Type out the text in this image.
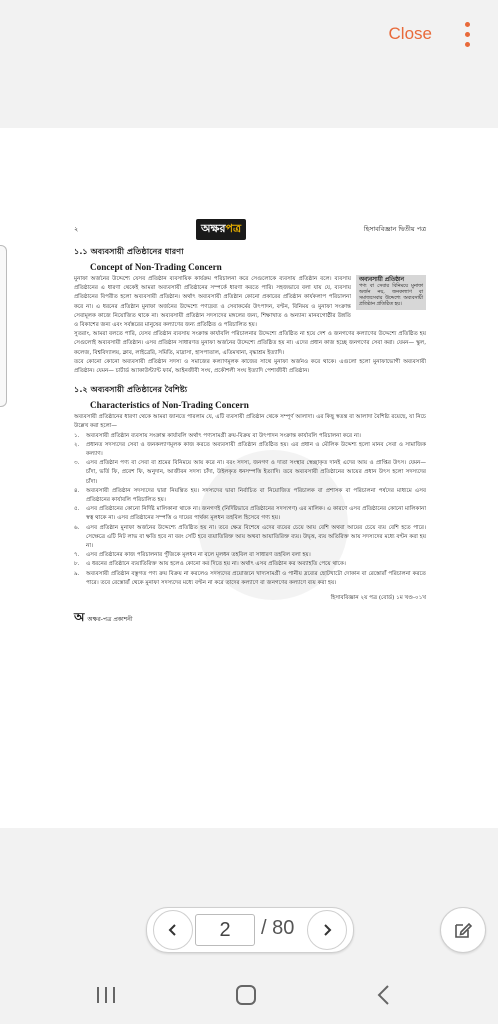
Close
২	অক্ষরপত্র	হিসাববিজ্ঞান দ্বিতীয় পত্র
১.১ অব্যবসায়ী প্রতিষ্ঠানের ধারণা
Concept of Non-Trading Concern
অব্যবসায়ী প্রতিষ্ঠান
পণ্য বা সেবার বিনিময়ে মুনাফা অর্জন নয়, জনকল্যাণ বা সমাজসেবার উদ্দেশ্যে অব্যবসায়ী প্রতিষ্ঠান প্রতিষ্ঠিত হয়।
মুনাফা অর্জনের উদ্দেশ্যে যেসব প্রতিষ্ঠান ব্যবসায়িক কার্যক্রম পরিচালনা করে সেগুলোকে ব্যবসায় প্রতিষ্ঠান বলে। ব্যবসায় প্রতিষ্ঠানের এ ধারণা থেকেই আমরা অব্যবসায়ী প্রতিষ্ঠানের সম্পর্কে ধারণা করতে পারি। সহজভাবে বলা যায় যে, ব্যবসায় প্রতিষ্ঠানের বিপরীত হলো অব্যবসায়ী প্রতিষ্ঠান। অর্থাৎ অব্যবসায়ী প্রতিষ্ঠান কোনো প্রকারের প্রতিষ্ঠান কার্যকলাপ পরিচালনা করে না। এ ধরনের প্রতিষ্ঠান মুনাফা অর্জনের উদ্দেশ্যে পণ্যদ্রব্য ও সেবাকর্মের উৎপাদন, বণ্টন, বিনিময় ও মুনাফা সংক্রান্ত সেবামূলক কাজে নিয়োজিত থাকে না। অব্যবসায়ী প্রতিষ্ঠান সদস্যদের মঙ্গলের জন্য, শিক্ষাখাত ও অন্যান্য মানবগোষ্ঠীর উন্নতি ও বিকাশের জন্য এবং সর্বস্তরের মানুষের কল্যাণের জন্য প্রতিষ্ঠিত ও পরিচালিত হয়।
সুতরাং, আমরা বলতে পারি, যেসব প্রতিষ্ঠান ব্যবসায় সংক্রান্ত কার্যাবলি পরিচালনার উদ্দেশ্যে প্রতিষ্ঠিত না হয়ে দেশ ও জনগণের কল্যাণের উদ্দেশ্যে প্রতিষ্ঠিত হয় সেগুলোই অব্যবসায়ী প্রতিষ্ঠান। এসব প্রতিষ্ঠান সাধারণত মুনাফা অর্জনের উদ্দেশ্যে প্রতিষ্ঠিত হয় না। এদের প্রধান কাজ হচ্ছে জনগণের সেবা করা। যেমন— স্কুল, কলেজ, বিশ্ববিদ্যালয়, ক্লাব, লাইব্রেরি, সমিতি, মাদ্রাসা, হাসপাতাল, এতিমখানা, বৃদ্ধাশ্রম ইত্যাদি।
তবে কোনো কোনো অব্যবসায়ী প্রতিষ্ঠান সদস্য ও সমাজের কল্যাণমূলক কাজের সাথে মুনাফা অর্জনও করে থাকে। এগুলো হলো মুনাফাভোগী অব্যবসায়ী প্রতিষ্ঠান। যেমন— চার্টার্ড অ্যাকাউন্ট্যান্ট ফার্ম, আইনজীবী সংঘ, প্রকৌশলী সংঘ ইত্যাদি পেশাজীবী প্রতিষ্ঠান।
১.২ অব্যবসায়ী প্রতিষ্ঠানের বৈশিষ্ট্য
Characteristics of Non-Trading Concern
অব্যবসায়ী প্রতিষ্ঠানের ধারণা থেকে আমরা জানতে পারলাম যে, এটি ব্যবসায়ী প্রতিষ্ঠান থেকে সম্পূর্ণ আলাদা। এর কিছু স্বতন্ত্র বা আলাদা বৈশিষ্ট্য রয়েছে, যা নিচে উল্লেখ করা হলো—
১.	অব্যবসায়ী প্রতিষ্ঠান ব্যবসায় সংক্রান্ত কার্যাবলি অর্থাৎ পণ্যসামগ্রী ক্রয়-বিক্রয় বা উৎপাদন সংক্রান্ত কার্যাবলি পরিচালনা করে না।
২.	প্রধানত সদস্যদের সেবা ও জনকল্যাণমূলক কাজ করতে অব্যবসায়ী প্রতিষ্ঠান প্রতিষ্ঠিত হয়। এর প্রধান ও মৌলিক উদ্দেশ্য হলো মানব সেবা ও সামাজিক কল্যাণ।
৩.	এসব প্রতিষ্ঠান পণ্য বা সেবা বা শ্রমের বিনিময়ে আয় করে না। বরং সদস্য, জনগণ ও দাতা সংস্থার স্বেচ্ছাকৃত দানই এদের আয় ও প্রাপ্তির উৎস। যেমন— চাঁদা, ভর্তি ফি, প্রবেশ ফি, অনুদান, আজীবন সদস্য চাঁদা, উইলকৃত ধনসম্পত্তি ইত্যাদি। তবে অব্যবসায়ী প্রতিষ্ঠানের আয়ের প্রধান উৎস হলো সদস্যদের চাঁদা।
৪.	অব্যবসায়ী প্রতিষ্ঠান সদস্যদের দ্বারা নিয়ন্ত্রিত হয়। সদস্যদের দ্বারা নির্বাচিত বা নিয়োজিত পরিচালক বা প্রশাসক বা পরিচালনা পর্ষদের মাধ্যমে এসব প্রতিষ্ঠানের কার্যাবলি পরিচালিত হয়।
৫.	এসব প্রতিষ্ঠানের কোনো নির্দিষ্ট মালিকানা থাকে না। জনগণই (নির্দিষ্টভাবে প্রতিষ্ঠানের সদস্যগণ) এর মালিক। এ কারণে এসব প্রতিষ্ঠানের কোনো মালিকানা স্বত্ব থাকে না। এসব প্রতিষ্ঠানের সম্পত্তি ও দায়ের পার্থক্য মূলধন তহবিল হিসেবে গণ্য হয়।
৬.	এসব প্রতিষ্ঠান মুনাফা অর্জনের উদ্দেশ্যে প্রতিষ্ঠিত হয় না। তবে ক্ষেত্র বিশেষে এদের ব্যয়ের চেয়ে আয় বেশি অথবা আয়ের চেয়ে ব্যয় বেশি হতে পারে। সেক্ষেত্রে এটি নিট লাভ বা ক্ষতি হবে না বরং সেটি হবে ব্যয়াতিরিক্ত আয় অথবা আয়াতিরিক্ত ব্যয়। উদ্বৃত্ত, ব্যয় অতিরিক্ত আয় সদস্যদের মধ্যে বণ্টন করা হয় না।
৭.	এসব প্রতিষ্ঠানের কাজ পরিচালনার পুঁজিকে মূলধন না বলে মূলধন তহবিল বা সাধারণ তহবিল বলা হয়।
৮.	এ ধরনের প্রতিষ্ঠানে ব্যয়াতিরিক্ত আয় হলেও কোনো কর দিতে হয় না। অর্থাৎ এসব প্রতিষ্ঠান কর অব্যাহতি পেয়ে থাকে।
৯.	অব্যবসায়ী প্রতিষ্ঠান বস্তুগত পণ্য ক্রয় বিক্রয় না করলেও সদস্যদের প্রয়োজনে খাদ্যসামগ্রী ও পানীয় দ্রব্যের ছোটখাটো দোকান বা রেস্তোরাঁ পরিচালনা করতে পারে। তবে রেস্তোরাঁ থেকে মুনাফা সদস্যদের মধ্যে বণ্টন না করে তাদের কল্যাণে বা জনগণের কল্যাণে ব্যয় করা হয়।
হিসাববিজ্ঞান ২য় পত্র (বোর্ড) ১ম খণ্ড-০১খ
অ অক্ষর-পত্র প্রকাশনী
2	/ 80
